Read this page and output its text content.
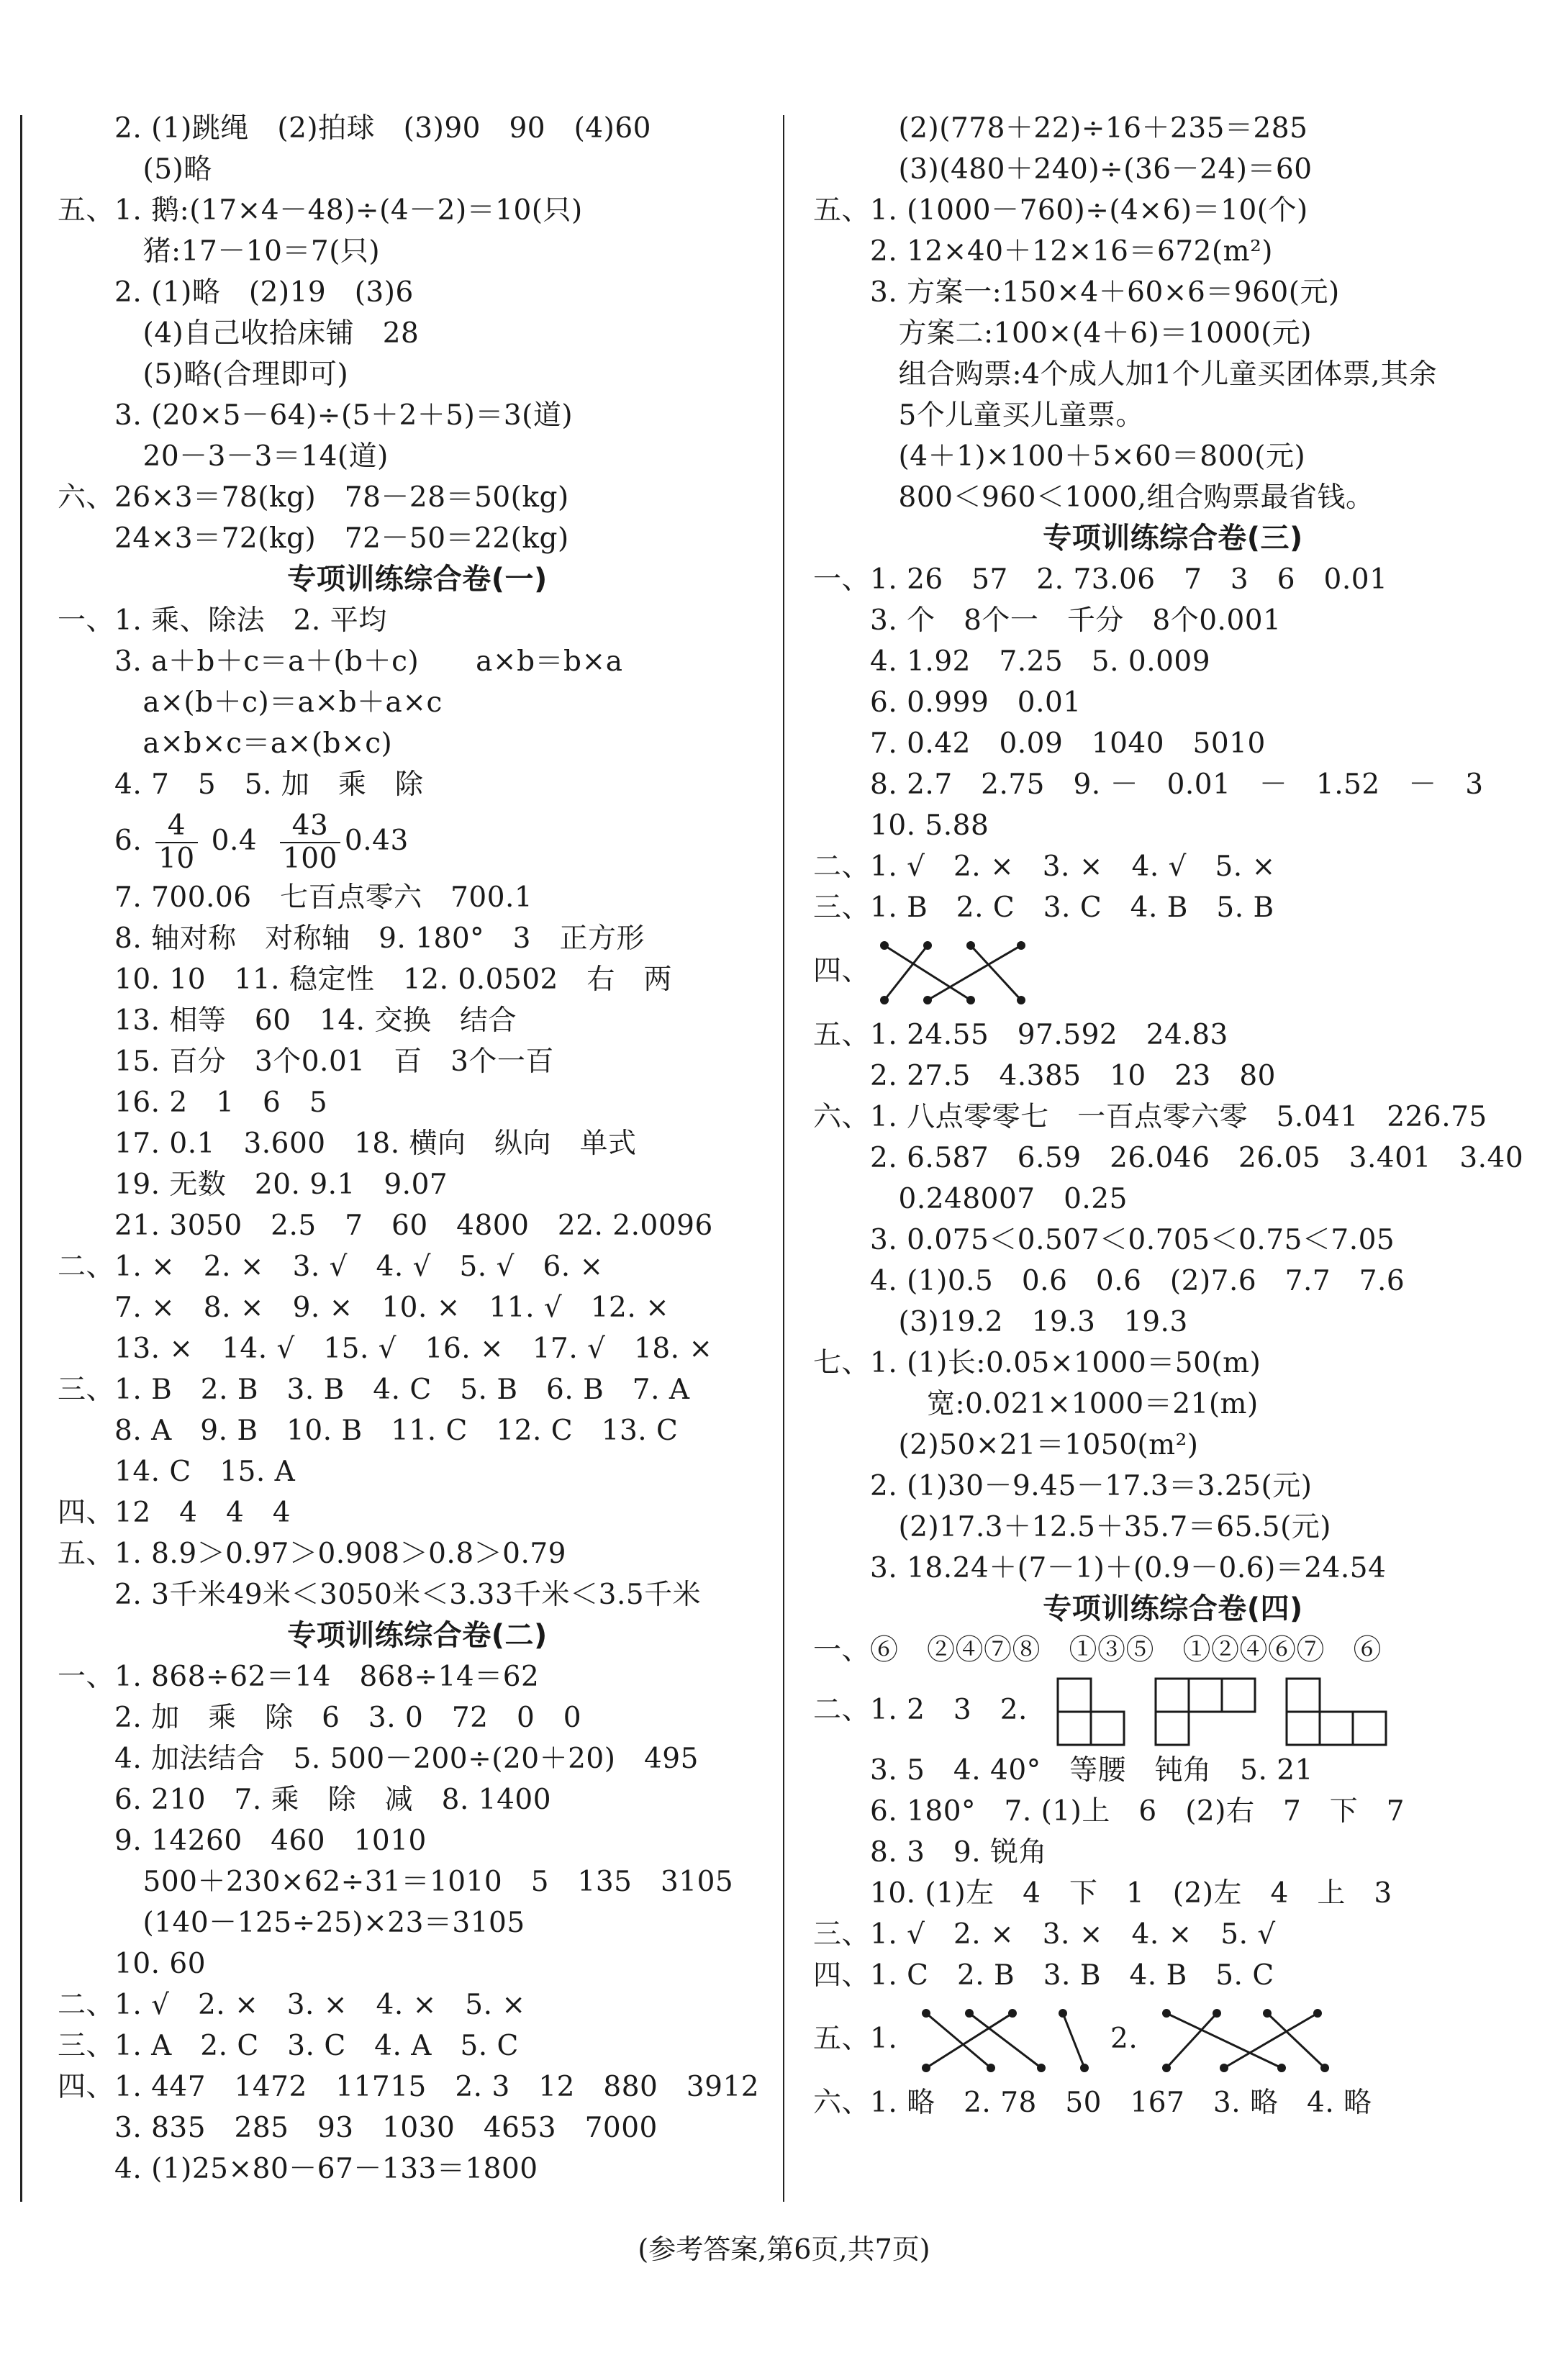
　　2. (1)跳绳　(2)拍球　(3)90　90　(4)60
　　　(5)略
五、1. 鹅:(17×4－48)÷(4－2)＝10(只)
　　　猪:17－10＝7(只)
　　2. (1)略　(2)19　(3)6
　　　(4)自己收拾床铺　28
　　　(5)略(合理即可)
　　3. (20×5－64)÷(5＋2＋5)＝3(道)
　　　20－3－3＝14(道)
六、26×3＝78(kg)　78－28＝50(kg)
　　24×3＝72(kg)　72－50＝22(kg)
专项训练综合卷(一)
一、1. 乘、除法　2. 平均
　　3. a＋b＋c＝a＋(b＋c)　　a×b＝b×a
　　　a×(b＋c)＝a×b＋a×c
　　　a×b×c＝a×(b×c)
　　4. 7　5　5. 加　乘　除
　　6. $\frac{4}{10} 0.4 \frac{43}{100} 0.43$
　　7. 700.06　七百点零六　700.1
　　8. 轴对称　对称轴　9. 180°　3　正方形
　　10. 10　11. 稳定性　12. 0.0502　右　两
　　13. 相等　60　14. 交换　结合
　　15. 百分　3个0.01　百　3个一百
　　16. 2　1　6　5
　　17. 0.1　3.600　18. 横向　纵向　单式
　　19. 无数　20. 9.1　9.07
　　21. 3050　2.5　7　60　4800　22. 2.0096
二、1. ×　2. ×　3. √　4. √　5. √　6. ×
　　7. ×　8. ×　9. ×　10. ×　11. √　12. ×
　　13. ×　14. √　15. √　16. ×　17. √　18. ×
三、1. B　2. B　3. B　4. C　5. B　6. B　7. A
　　8. A　9. B　10. B　11. C　12. C　13. C
　　14. C　15. A
四、12　4　4　4
五、1. 8.9＞0.97＞0.908＞0.8＞0.79
　　2. 3千米49米＜3050米＜3.33千米＜3.5千米
专项训练综合卷(二)
一、1. 868÷62＝14　868÷14＝62
　　2. 加　乘　除　6　3. 0　72　0　0
　　4. 加法结合　5. 500－200÷(20＋20)　495
　　6. 210　7. 乘　除　减　8. 1400
　　9. 14260　460　1010
　　　500＋230×62÷31＝1010　5　135　3105
　　　(140－125÷25)×23＝3105
　　10. 60
二、1. √　2. ×　3. ×　4. ×　5. ×
三、1. A　2. C　3. C　4. A　5. C
四、1. 447　1472　11715　2. 3　12　880　3912
　　3. 835　285　93　1030　4653　7000
　　4. (1)25×80－67－133＝1800
　　　(2)(778＋22)÷16＋235＝285
　　　(3)(480＋240)÷(36－24)＝60
五、1. (1000－760)÷(4×6)＝10(个)
　　2. 12×40＋12×16＝672(m²)
　　3. 方案一:150×4＋60×6＝960(元)
　　　方案二:100×(4＋6)＝1000(元)
　　　组合购票:4个成人加1个儿童买团体票,其余
　　　5个儿童买儿童票。
　　　(4＋1)×100＋5×60＝800(元)
　　　800＜960＜1000,组合购票最省钱。
专项训练综合卷(三)
一、1. 26　57　2. 73.06　7　3　6　0.01
　　3. 个　8个一　千分　8个0.001
　　4. 1.92　7.25　5. 0.009
　　6. 0.999　0.01
　　7. 0.42　0.09　1040　5010
　　8. 2.7　2.75　9. －　0.01　－　1.52　－　3
　　10. 5.88
二、1. √　2. ×　3. ×　4. √　5. ×
三、1. B　2. C　3. C　4. B　5. B
四、
五、1. 24.55　97.592　24.83
　　2. 27.5　4.385　10　23　80
六、1. 八点零零七　一百点零六零　5.041　226.75
　　2. 6.587　6.59　26.046　26.05　3.401　3.40
　　　0.248007　0.25
　　3. 0.075＜0.507＜0.705＜0.75＜7.05
　　4. (1)0.5　0.6　0.6　(2)7.6　7.7　7.6
　　　(3)19.2　19.3　19.3
七、1. (1)长:0.05×1000＝50(m)
　　　　宽:0.021×1000＝21(m)
　　　(2)50×21＝1050(m²)
　　2. (1)30－9.45－17.3＝3.25(元)
　　　(2)17.3＋12.5＋35.7＝65.5(元)
　　3. 18.24＋(7－1)＋(0.9－0.6)＝24.54
专项训练综合卷(四)
一、⑥　②④⑦⑧　①③⑤　①②④⑥⑦　⑥
二、1. 2　3　2.
　　3. 5　4. 40°　等腰　钝角　5. 21
　　6. 180°　7. (1)上　6　(2)右　7　下　7
　　8. 3　9. 锐角
　　10. (1)左　4　下　1　(2)左　4　上　3
三、1. √　2. ×　3. ×　4. ×　5. √
四、1. C　2. B　3. B　4. B　5. C
五、1.	2.
六、1. 略　2. 78　50　167　3. 略　4. 略
(参考答案,第6页,共7页)
